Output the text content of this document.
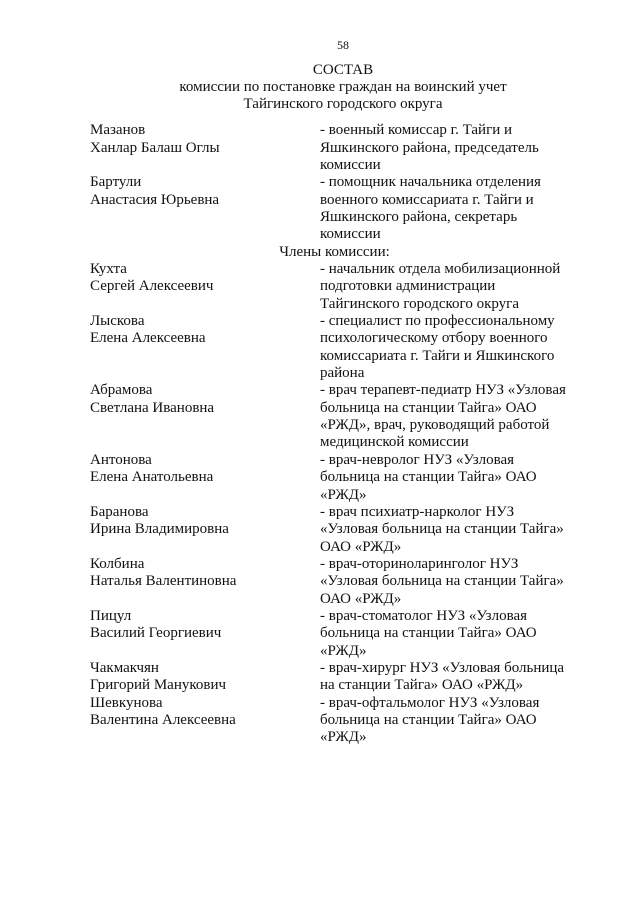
58
СОСТАВ
комиссии по постановке граждан на воинский учет
Тайгинского городского округа
Мазанов
Ханлар Балаш Оглы
- военный комиссар г. Тайги и
Яшкинского района, председатель
комиссии
Бартули
Анастасия Юрьевна
- помощник начальника отделения
военного комиссариата г. Тайги и
Яшкинского района, секретарь
комиссии
Члены комиссии:
Кухта
Сергей Алексеевич
- начальник отдела мобилизационной
подготовки администрации
Тайгинского городского округа
Лыскова
Елена Алексеевна
- специалист по профессиональному
психологическому отбору военного
комиссариата г. Тайги и Яшкинского
района
Абрамова
Светлана Ивановна
- врач терапевт-педиатр НУЗ «Узловая
больница на станции Тайга» ОАО
«РЖД», врач, руководящий работой
медицинской комиссии
Антонова
Елена Анатольевна
- врач-невролог НУЗ «Узловая
больница на станции Тайга» ОАО
«РЖД»
Баранова
Ирина Владимировна
- врач психиатр-нарколог НУЗ
«Узловая больница на станции Тайга»
ОАО «РЖД»
Колбина
Наталья Валентиновна
- врач-оториноларинголог НУЗ
«Узловая больница на станции Тайга»
ОАО «РЖД»
Пицул
Василий Георгиевич
- врач-стоматолог НУЗ «Узловая
больница на станции Тайга» ОАО
«РЖД»
Чакмакчян
Григорий Манукович
- врач-хирург НУЗ «Узловая больница
на станции Тайга» ОАО «РЖД»
Шевкунова
Валентина Алексеевна
- врач-офтальмолог НУЗ «Узловая
больница на станции Тайга» ОАО
«РЖД»
